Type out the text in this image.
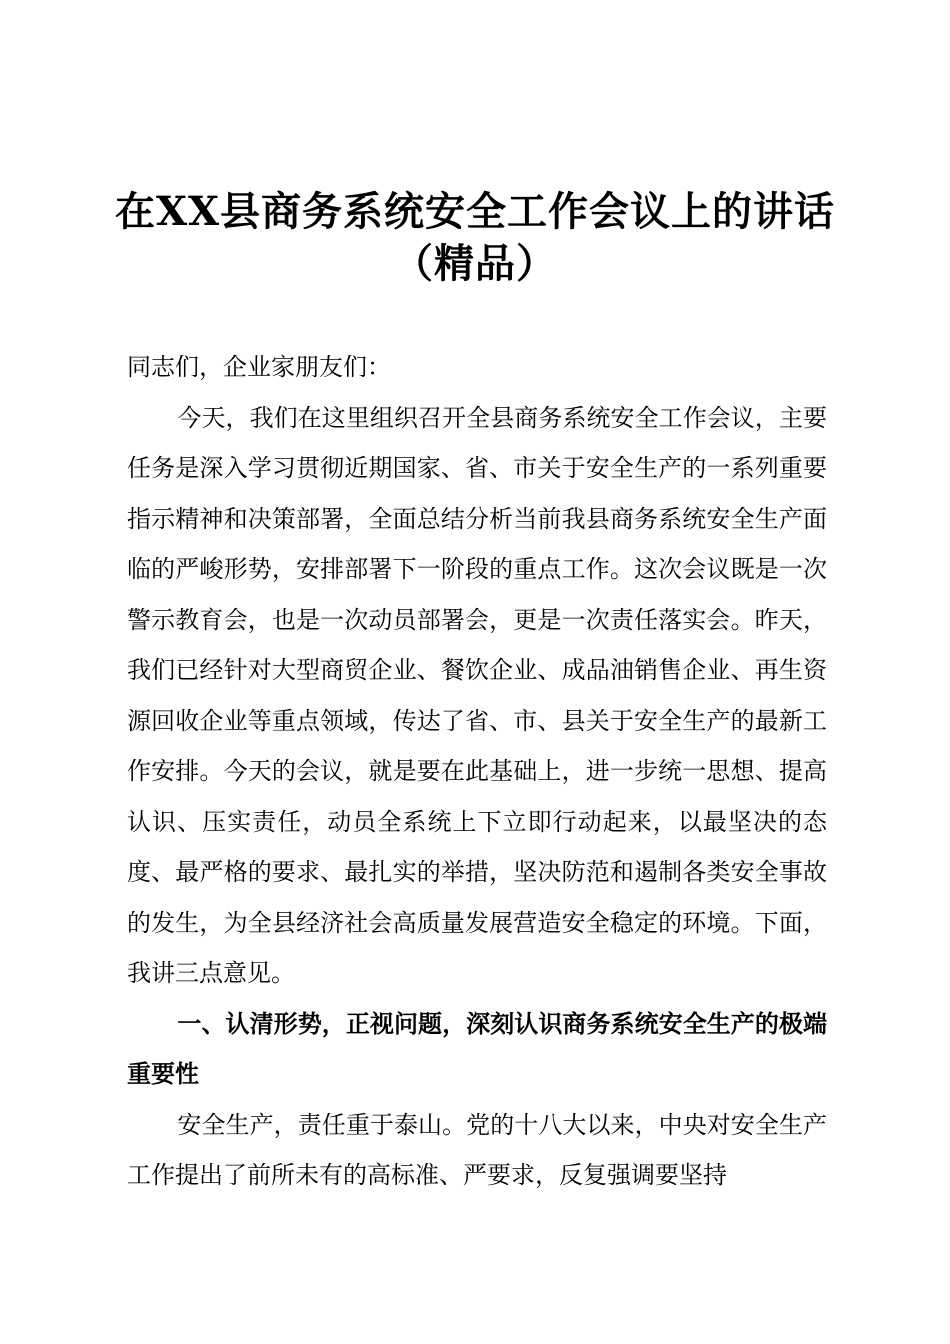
在XX县商务系统安全工作会议上的讲话（精品）

同志们，企业家朋友们：

今天，我们在这里组织召开全县商务系统安全工作会议，主要任务是深入学习贯彻近期国家、省、市关于安全生产的一系列重要指示精神和决策部署，全面总结分析当前我县商务系统安全生产面临的严峻形势，安排部署下一阶段的重点工作。这次会议既是一次警示教育会，也是一次动员部署会，更是一次责任落实会。昨天，我们已经针对大型商贸企业、餐饮企业、成品油销售企业、再生资源回收企业等重点领域，传达了省、市、县关于安全生产的最新工作安排。今天的会议，就是要在此基础上，进一步统一思想、提高认识、压实责任，动员全系统上下立即行动起来，以最坚决的态度、最严格的要求、最扎实的举措，坚决防范和遏制各类安全事故的发生，为全县经济社会高质量发展营造安全稳定的环境。下面，我讲三点意见。

一、认清形势，正视问题，深刻认识商务系统安全生产的极端重要性

安全生产，责任重于泰山。党的十八大以来，中央对安全生产工作提出了前所未有的高标准、严要求，反复强调要坚持
